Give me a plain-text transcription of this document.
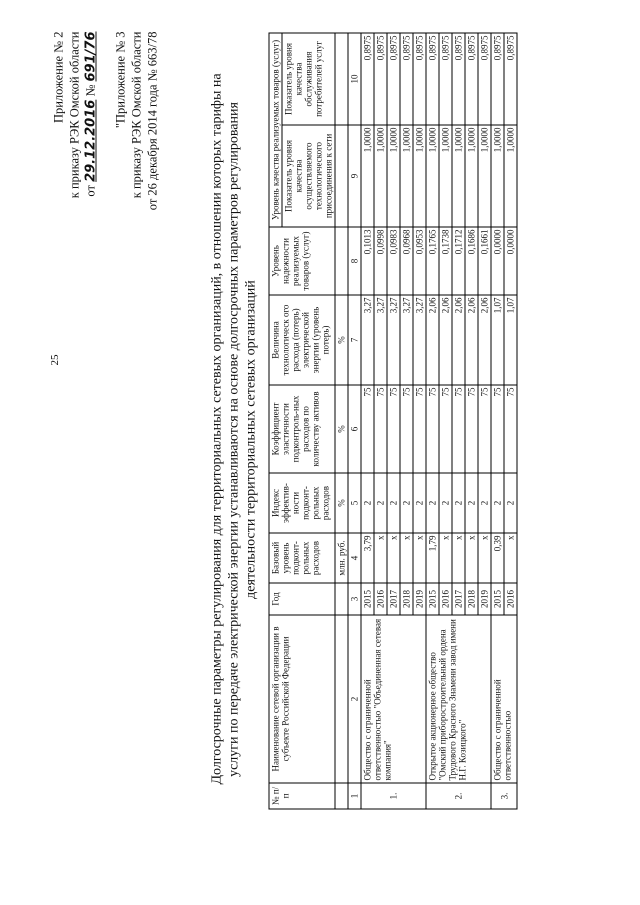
25
Приложение № 2 к приказу РЭК Омской области от 29.12.2016 № 691/76 "Приложение № 3 к приказу РЭК Омской области от 26 декабря 2014 года № 663/78	Долгосрочные параметры регулирования для территориальных сетевых организаций, в отношении которых тарифы на услуги по передаче электрической энергии устанавливаются на основе долгосрочных параметров регулирования деятельности территориальных сетевых организаций
№ п/п	Наименование сетевой организации в субъекте Российской Федерации	Год	Базовый уровень подконт-рольных расходов	Индекс эффектив-ности подконт-рольных расходов	Коэффициент эластичности подконтроль-ных расходов по количеству активов	Величина технологическ ого расхода (потерь) электрической энергии (уровень потерь)	Уровень надежности реализуемых товаров (услуг)	Уровень качества реализуемых товаров (услуг)	
								Показатель уровня качества осуществляемого технологического присоединения к сети	Показатель уровня качества обслуживания потребителей услуг
			млн. руб.	%	%	%			
1	2	3	4	5	6	7	8	9	10
1.	Общество с ограниченной ответственностью "Объединенная сетевая компания"	2015	3,79	2	75	3,27	0,1013	1,0000	0,8975
		2016	x	2	75	3,27	0,0998	1,0000	0,8975
		2017	x	2	75	3,27	0,0983	1,0000	0,8975
		2018	x	2	75	3,27	0,0968	1,0000	0,8975
		2019	x	2	75	3,27	0,0953	1,0000	0,8975
2.	Открытое акционерное общество "Омский приборостроительный ордена Трудового Красного Знамени завод имени Н.Г. Козицкого"	2015	1,79	2	75	2,06	0,1765	1,0000	0,8975
		2016	x	2	75	2,06	0,1738	1,0000	0,8975
		2017	x	2	75	2,06	0,1712	1,0000	0,8975
		2018	x	2	75	2,06	0,1686	1,0000	0,8975
		2019	x	2	75	2,06	0,1661	1,0000	0,8975
3.	Общество с ограниченной ответственностью	2015	0,39	2	75	1,07	0,0000	1,0000	0,8975
		2016	x	2	75	1,07	0,0000	1,0000	0,8975
